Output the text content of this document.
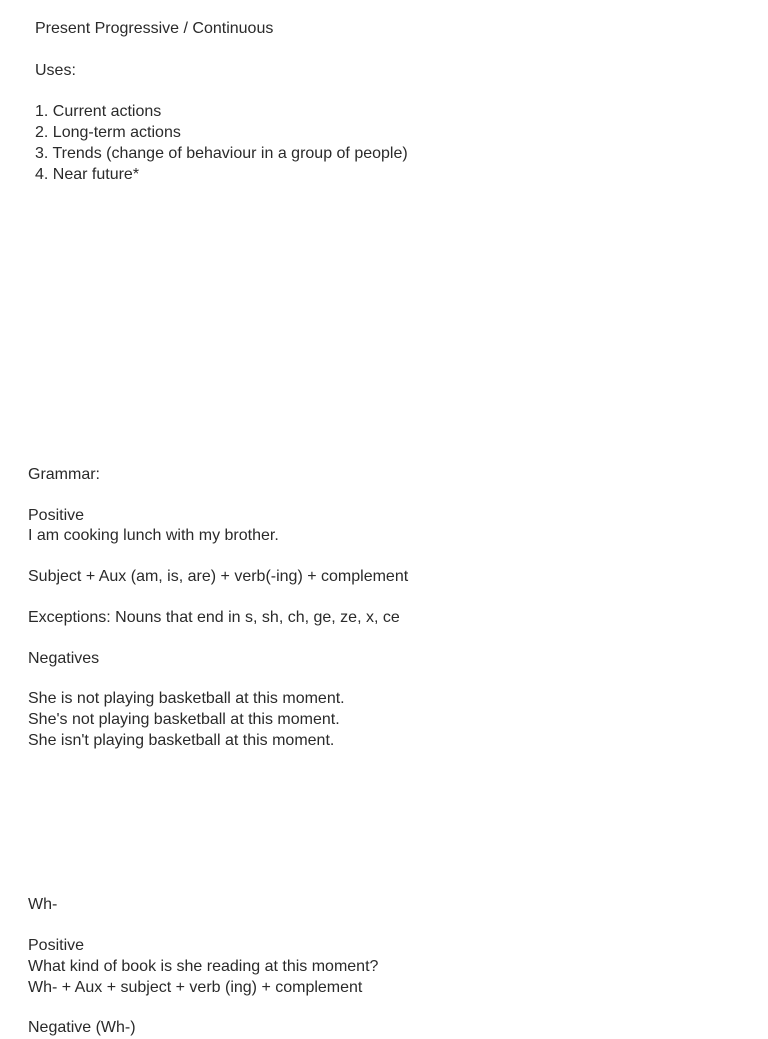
Present Progressive / Continuous

Uses:

1. Current actions

2. Long-term actions

3. Trends (change of behaviour in a group of people)

4. Near future*

Grammar:

Positive

I am cooking lunch with my brother.

Subject + Aux (am, is, are) + verb(-ing) + complement

Exceptions: Nouns that end in s, sh, ch, ge, ze, x, ce

Negatives

She is not playing basketball at this moment.

She's not playing basketball at this moment.

She isn't playing basketball at this moment.

Wh-

Positive

What kind of book is she reading at this moment?

Wh- + Aux + subject + verb (ing) + complement

Negative (Wh-)
